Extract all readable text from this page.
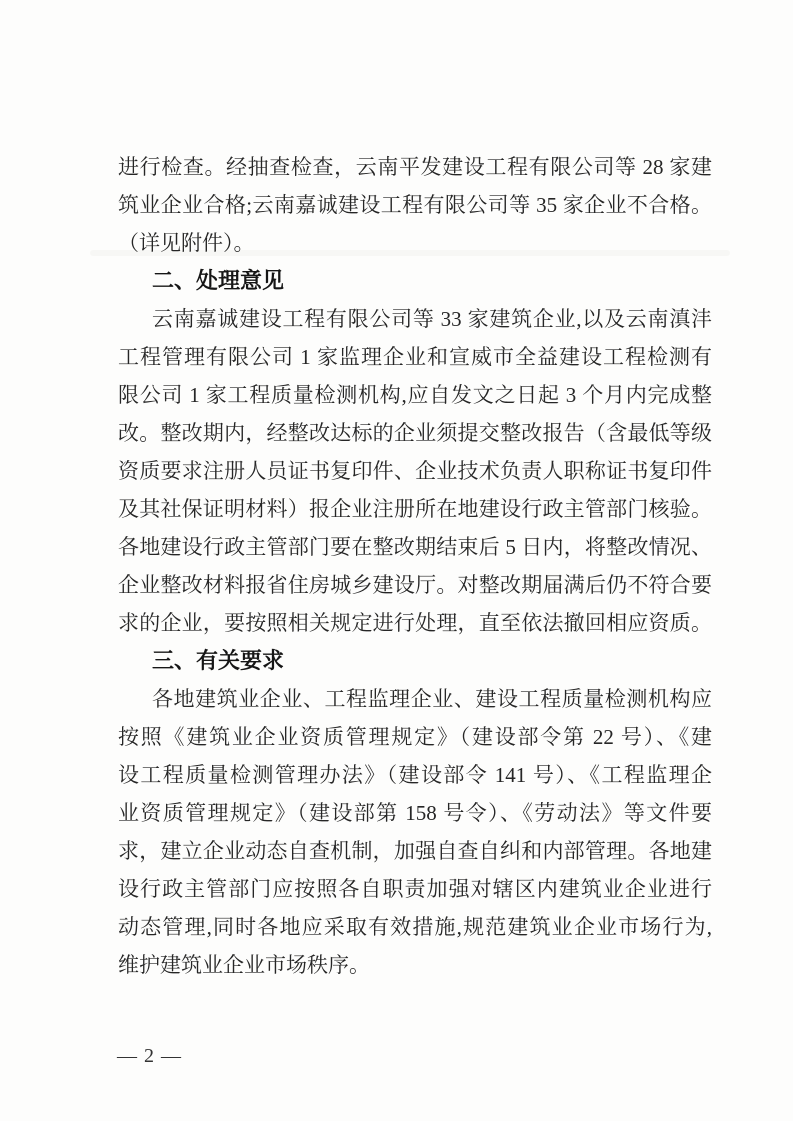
进行检查。经抽查检查，云南平发建设工程有限公司等 28 家建
筑业企业合格;云南嘉诚建设工程有限公司等 35 家企业不合格。
（详见附件）。
二、处理意见
云南嘉诚建设工程有限公司等 33 家建筑企业,以及云南滇沣
工程管理有限公司 1 家监理企业和宣威市全益建设工程检测有
限公司 1 家工程质量检测机构,应自发文之日起 3 个月内完成整
改。整改期内，经整改达标的企业须提交整改报告（含最低等级
资质要求注册人员证书复印件、企业技术负责人职称证书复印件
及其社保证明材料）报企业注册所在地建设行政主管部门核验。
各地建设行政主管部门要在整改期结束后 5 日内，将整改情况、
企业整改材料报省住房城乡建设厅。对整改期届满后仍不符合要
求的企业，要按照相关规定进行处理，直至依法撤回相应资质。
三、有关要求
各地建筑业企业、工程监理企业、建设工程质量检测机构应
按照《建筑业企业资质管理规定》（建设部令第 22 号）、《建
设工程质量检测管理办法》（建设部令 141 号）、《工程监理企
业资质管理规定》（建设部第 158 号令）、《劳动法》等文件要
求，建立企业动态自查机制，加强自查自纠和内部管理。各地建
设行政主管部门应按照各自职责加强对辖区内建筑业企业进行
动态管理,同时各地应采取有效措施,规范建筑业企业市场行为,
维护建筑业企业市场秩序。
— 2 —
